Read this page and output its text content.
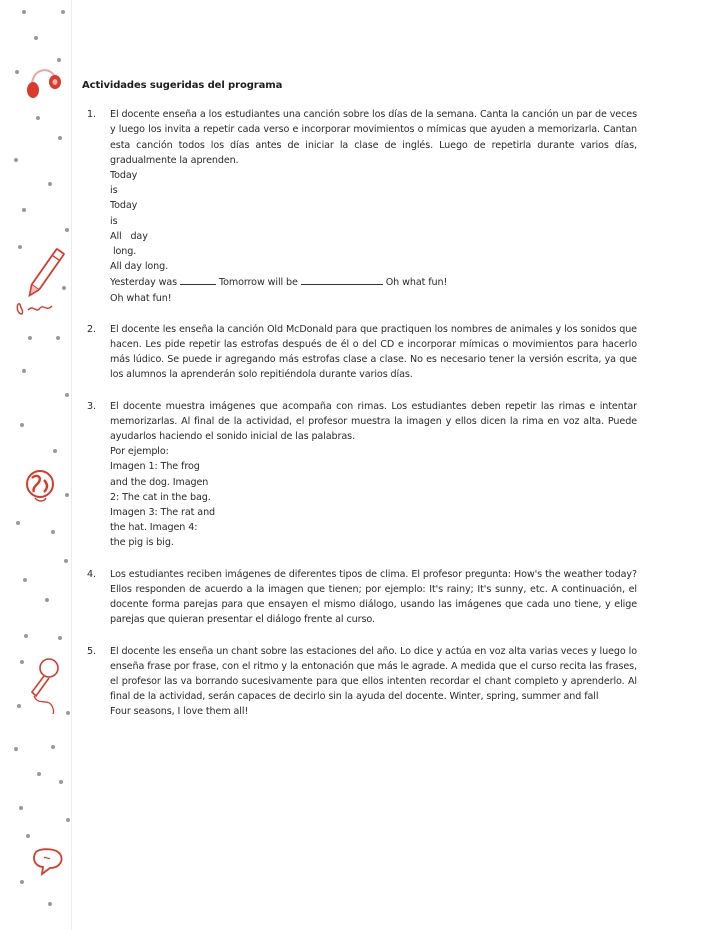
Actividades sugeridas del programa

1.	El docente enseña a los estudiantes una canción sobre los días de la semana. Canta la canción un par de veces y luego los invita a repetir cada verso e incorporar movimientos o mímicas que ayuden a memorizarla. Cantan esta canción todos los días antes de iniciar la clase de inglés. Luego de repetirla durante varios días, gradualmente la aprenden.

Today

is

Today

is

All   day

long.

All day long.

Yesterday was	Tomorrow will be	Oh what fun!

Oh what fun!

2.	El docente les enseña la canción Old McDonald para que practiquen los nombres de animales y los sonidos que hacen. Les pide repetir las estrofas después de él o del CD e incorporar mímicas o movimientos para hacerlo más lúdico. Se puede ir agregando más estrofas clase a clase. No es necesario tener la versión escrita, ya que los alumnos la aprenderán solo repitiéndola durante varios días.

3.	El docente muestra imágenes que acompaña con rimas. Los estudiantes deben repetir las rimas e intentar memorizarlas. Al final de la actividad, el profesor muestra la imagen y ellos dicen la rima en voz alta. Puede ayudarlos haciendo el sonido inicial de las palabras.

Por ejemplo:

Imagen 1: The frog

and the dog. Imagen

2: The cat in the bag.

Imagen 3: The rat and

the hat. Imagen 4:

the pig is big.

4.	Los estudiantes reciben imágenes de diferentes tipos de clima. El profesor pregunta: How's the weather today? Ellos responden de acuerdo a la imagen que tienen; por ejemplo: It's rainy; It's sunny, etc. A continuación, el docente forma parejas para que ensayen el mismo diálogo, usando las imágenes que cada uno tiene, y elige parejas que quieran presentar el diálogo frente al curso.

5.	El docente les enseña un chant sobre las estaciones del año. Lo dice y actúa en voz alta varias veces y luego lo enseña frase por frase, con el ritmo y la entonación que más le agrade. A medida que el curso recita las frases, el profesor las va borrando sucesivamente para que ellos intenten recordar el chant completo y aprenderlo. Al final de la actividad, serán capaces de decirlo sin la ayuda del docente. Winter, spring, summer and fall

Four seasons, I love them all!
